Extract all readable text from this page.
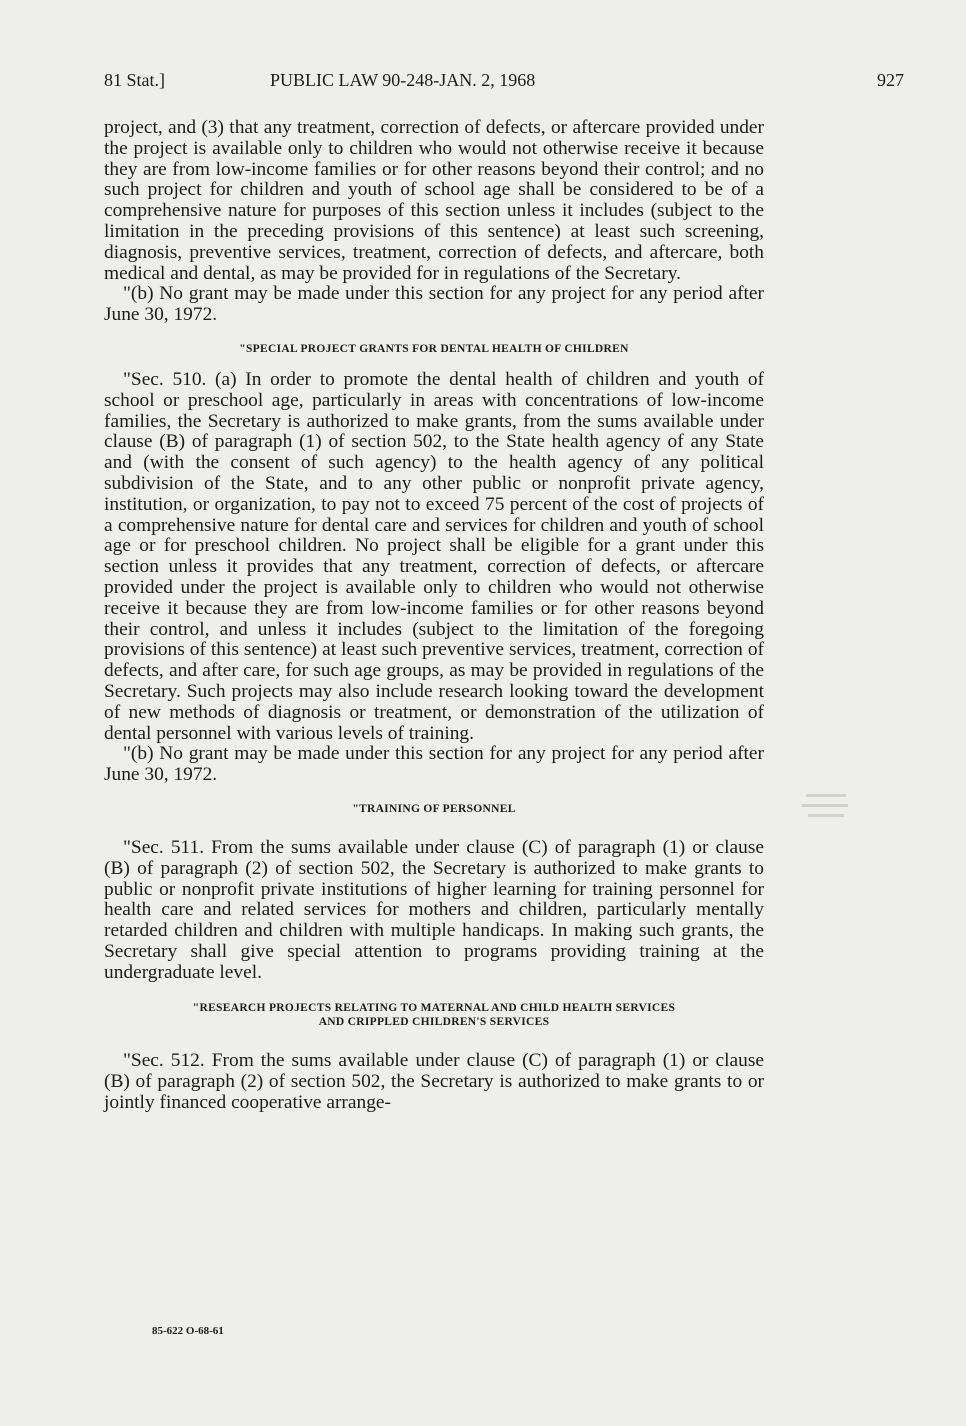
81 Stat.]	PUBLIC LAW 90-248-JAN. 2, 1968	927

project, and (3) that any treatment, correction of defects, or aftercare provided under the project is available only to children who would not otherwise receive it because they are from low-income families or for other reasons beyond their control; and no such project for children and youth of school age shall be considered to be of a comprehensive nature for purposes of this section unless it includes (subject to the limitation in the preceding provisions of this sentence) at least such screening, diagnosis, preventive services, treatment, correction of defects, and aftercare, both medical and dental, as may be provided for in regulations of the Secretary.

"(b) No grant may be made under this section for any project for any period after June 30, 1972.

"SPECIAL PROJECT GRANTS FOR DENTAL HEALTH OF CHILDREN

"Sec. 510. (a) In order to promote the dental health of children and youth of school or preschool age, particularly in areas with concentrations of low-income families, the Secretary is authorized to make grants, from the sums available under clause (B) of paragraph (1) of section 502, to the State health agency of any State and (with the consent of such agency) to the health agency of any political subdivision of the State, and to any other public or nonprofit private agency, institution, or organization, to pay not to exceed 75 percent of the cost of projects of a comprehensive nature for dental care and services for children and youth of school age or for preschool children. No project shall be eligible for a grant under this section unless it provides that any treatment, correction of defects, or aftercare provided under the project is available only to children who would not otherwise receive it because they are from low-income families or for other reasons beyond their control, and unless it includes (subject to the limitation of the foregoing provisions of this sentence) at least such preventive services, treatment, correction of defects, and after care, for such age groups, as may be provided in regulations of the Secretary. Such projects may also include research looking toward the development of new methods of diagnosis or treatment, or demonstration of the utilization of dental personnel with various levels of training.

"(b) No grant may be made under this section for any project for any period after June 30, 1972.

"TRAINING OF PERSONNEL

"Sec. 511. From the sums available under clause (C) of paragraph (1) or clause (B) of paragraph (2) of section 502, the Secretary is authorized to make grants to public or nonprofit private institutions of higher learning for training personnel for health care and related services for mothers and children, particularly mentally retarded children and children with multiple handicaps. In making such grants, the Secretary shall give special attention to programs providing training at the undergraduate level.

"RESEARCH PROJECTS RELATING TO MATERNAL AND CHILD HEALTH SERVICES
AND CRIPPLED CHILDREN'S SERVICES

"Sec. 512. From the sums available under clause (C) of paragraph (1) or clause (B) of paragraph (2) of section 502, the Secretary is authorized to make grants to or jointly financed cooperative arrange-

85-622 O-68-61
